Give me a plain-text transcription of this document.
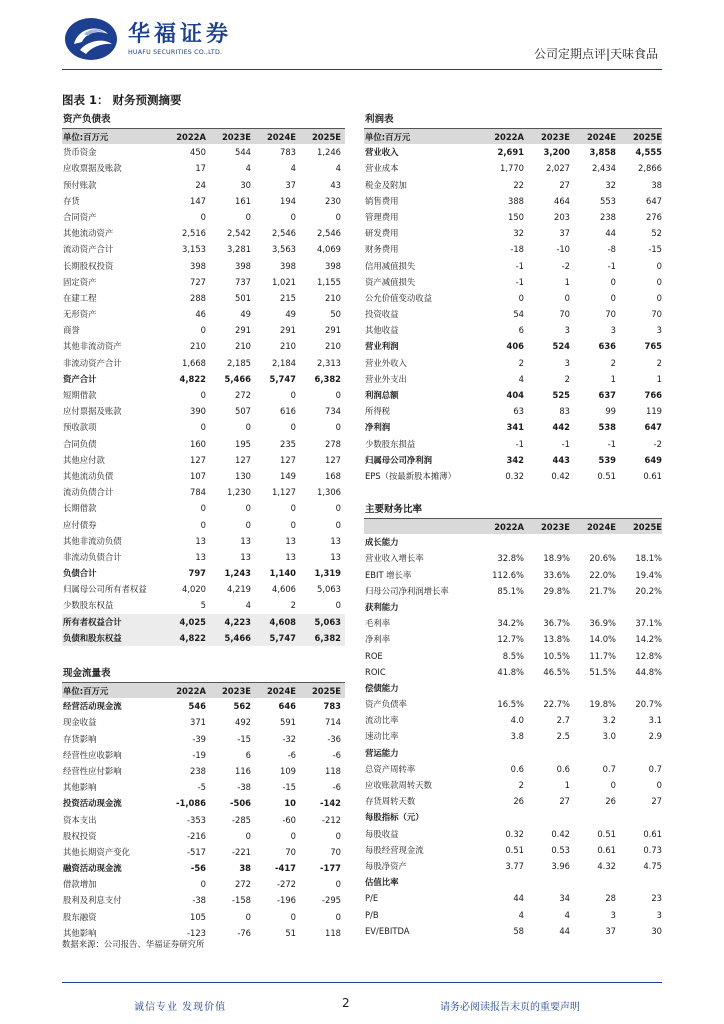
华福证券
HUAFU SECURITIES CO.,LTD.	公司定期点评|天味食品
图表 1： 财务预测摘要
资产负债表
单位:百万元	2022A	2023E	2024E	2025E
货币资金	450	544	783	1,246
应收票据及账款	17	4	4	4
预付账款	24	30	37	43
存货	147	161	194	230
合同资产	0	0	0	0
其他流动资产	2,516	2,542	2,546	2,546
流动资产合计	3,153	3,281	3,563	4,069
长期股权投资	398	398	398	398
固定资产	727	737	1,021	1,155
在建工程	288	501	215	210
无形资产	46	49	49	50
商誉	0	291	291	291
其他非流动资产	210	210	210	210
非流动资产合计	1,668	2,185	2,184	2,313
资产合计	4,822	5,466	5,747	6,382
短期借款	0	272	0	0
应付票据及账款	390	507	616	734
预收款项	0	0	0	0
合同负债	160	195	235	278
其他应付款	127	127	127	127
其他流动负债	107	130	149	168
流动负债合计	784	1,230	1,127	1,306
长期借款	0	0	0	0
应付债券	0	0	0	0
其他非流动负债	13	13	13	13
非流动负债合计	13	13	13	13
负债合计	797	1,243	1,140	1,319
归属母公司所有者权益	4,020	4,219	4,606	5,063
少数股东权益	5	4	2	0
所有者权益合计	4,025	4,223	4,608	5,063
负债和股东权益	4,822	5,466	5,747	6,382
现金流量表
单位:百万元	2022A	2023E	2024E	2025E
经营活动现金流	546	562	646	783
现金收益	371	492	591	714
存货影响	-39	-15	-32	-36
经营性应收影响	-19	6	-6	-6
经营性应付影响	238	116	109	118
其他影响	-5	-38	-15	-6
投资活动现金流	-1,086	-506	10	-142
资本支出	-353	-285	-60	-212
股权投资	-216	0	0	0
其他长期资产变化	-517	-221	70	70
融资活动现金流	-56	38	-417	-177
借款增加	0	272	-272	0
股利及利息支付	-38	-158	-196	-295
股东融资	105	0	0	0
其他影响	-123	-76	51	118
利润表
单位:百万元	2022A	2023E	2024E	2025E
营业收入	2,691	3,200	3,858	4,555
营业成本	1,770	2,027	2,434	2,866
税金及附加	22	27	32	38
销售费用	388	464	553	647
管理费用	150	203	238	276
研发费用	32	37	44	52
财务费用	-18	-10	-8	-15
信用减值损失	-1	-2	-1	0
资产减值损失	-1	1	0	0
公允价值变动收益	0	0	0	0
投资收益	54	70	70	70
其他收益	6	3	3	3
营业利润	406	524	636	765
营业外收入	2	3	2	2
营业外支出	4	2	1	1
利润总额	404	525	637	766
所得税	63	83	99	119
净利润	341	442	538	647
少数股东损益	-1	-1	-1	-2
归属母公司净利润	342	443	539	649
EPS（按最新股本摊薄）	0.32	0.42	0.51	0.61
主要财务比率
2022A	2023E	2024E	2025E
成长能力
营业收入增长率	32.8%	18.9%	20.6%	18.1%
EBIT 增长率	112.6%	33.6%	22.0%	19.4%
归母公司净利润增长率	85.1%	29.8%	21.7%	20.2%
获利能力
毛利率	34.2%	36.7%	36.9%	37.1%
净利率	12.7%	13.8%	14.0%	14.2%
ROE	8.5%	10.5%	11.7%	12.8%
ROIC	41.8%	46.5%	51.5%	44.8%
偿债能力
资产负债率	16.5%	22.7%	19.8%	20.7%
流动比率	4.0	2.7	3.2	3.1
速动比率	3.8	2.5	3.0	2.9
营运能力
总资产周转率	0.6	0.6	0.7	0.7
应收账款周转天数	2	1	0	0
存货周转天数	26	27	26	27
每股指标（元）
每股收益	0.32	0.42	0.51	0.61
每股经营现金流	0.51	0.53	0.61	0.73
每股净资产	3.77	3.96	4.32	4.75
估值比率
P/E	44	34	28	23
P/B	4	4	3	3
EV/EBITDA	58	44	37	30
数据来源：公司报告、华福证券研究所
诚信专业 发现价值	2	请务必阅读报告末页的重要声明
